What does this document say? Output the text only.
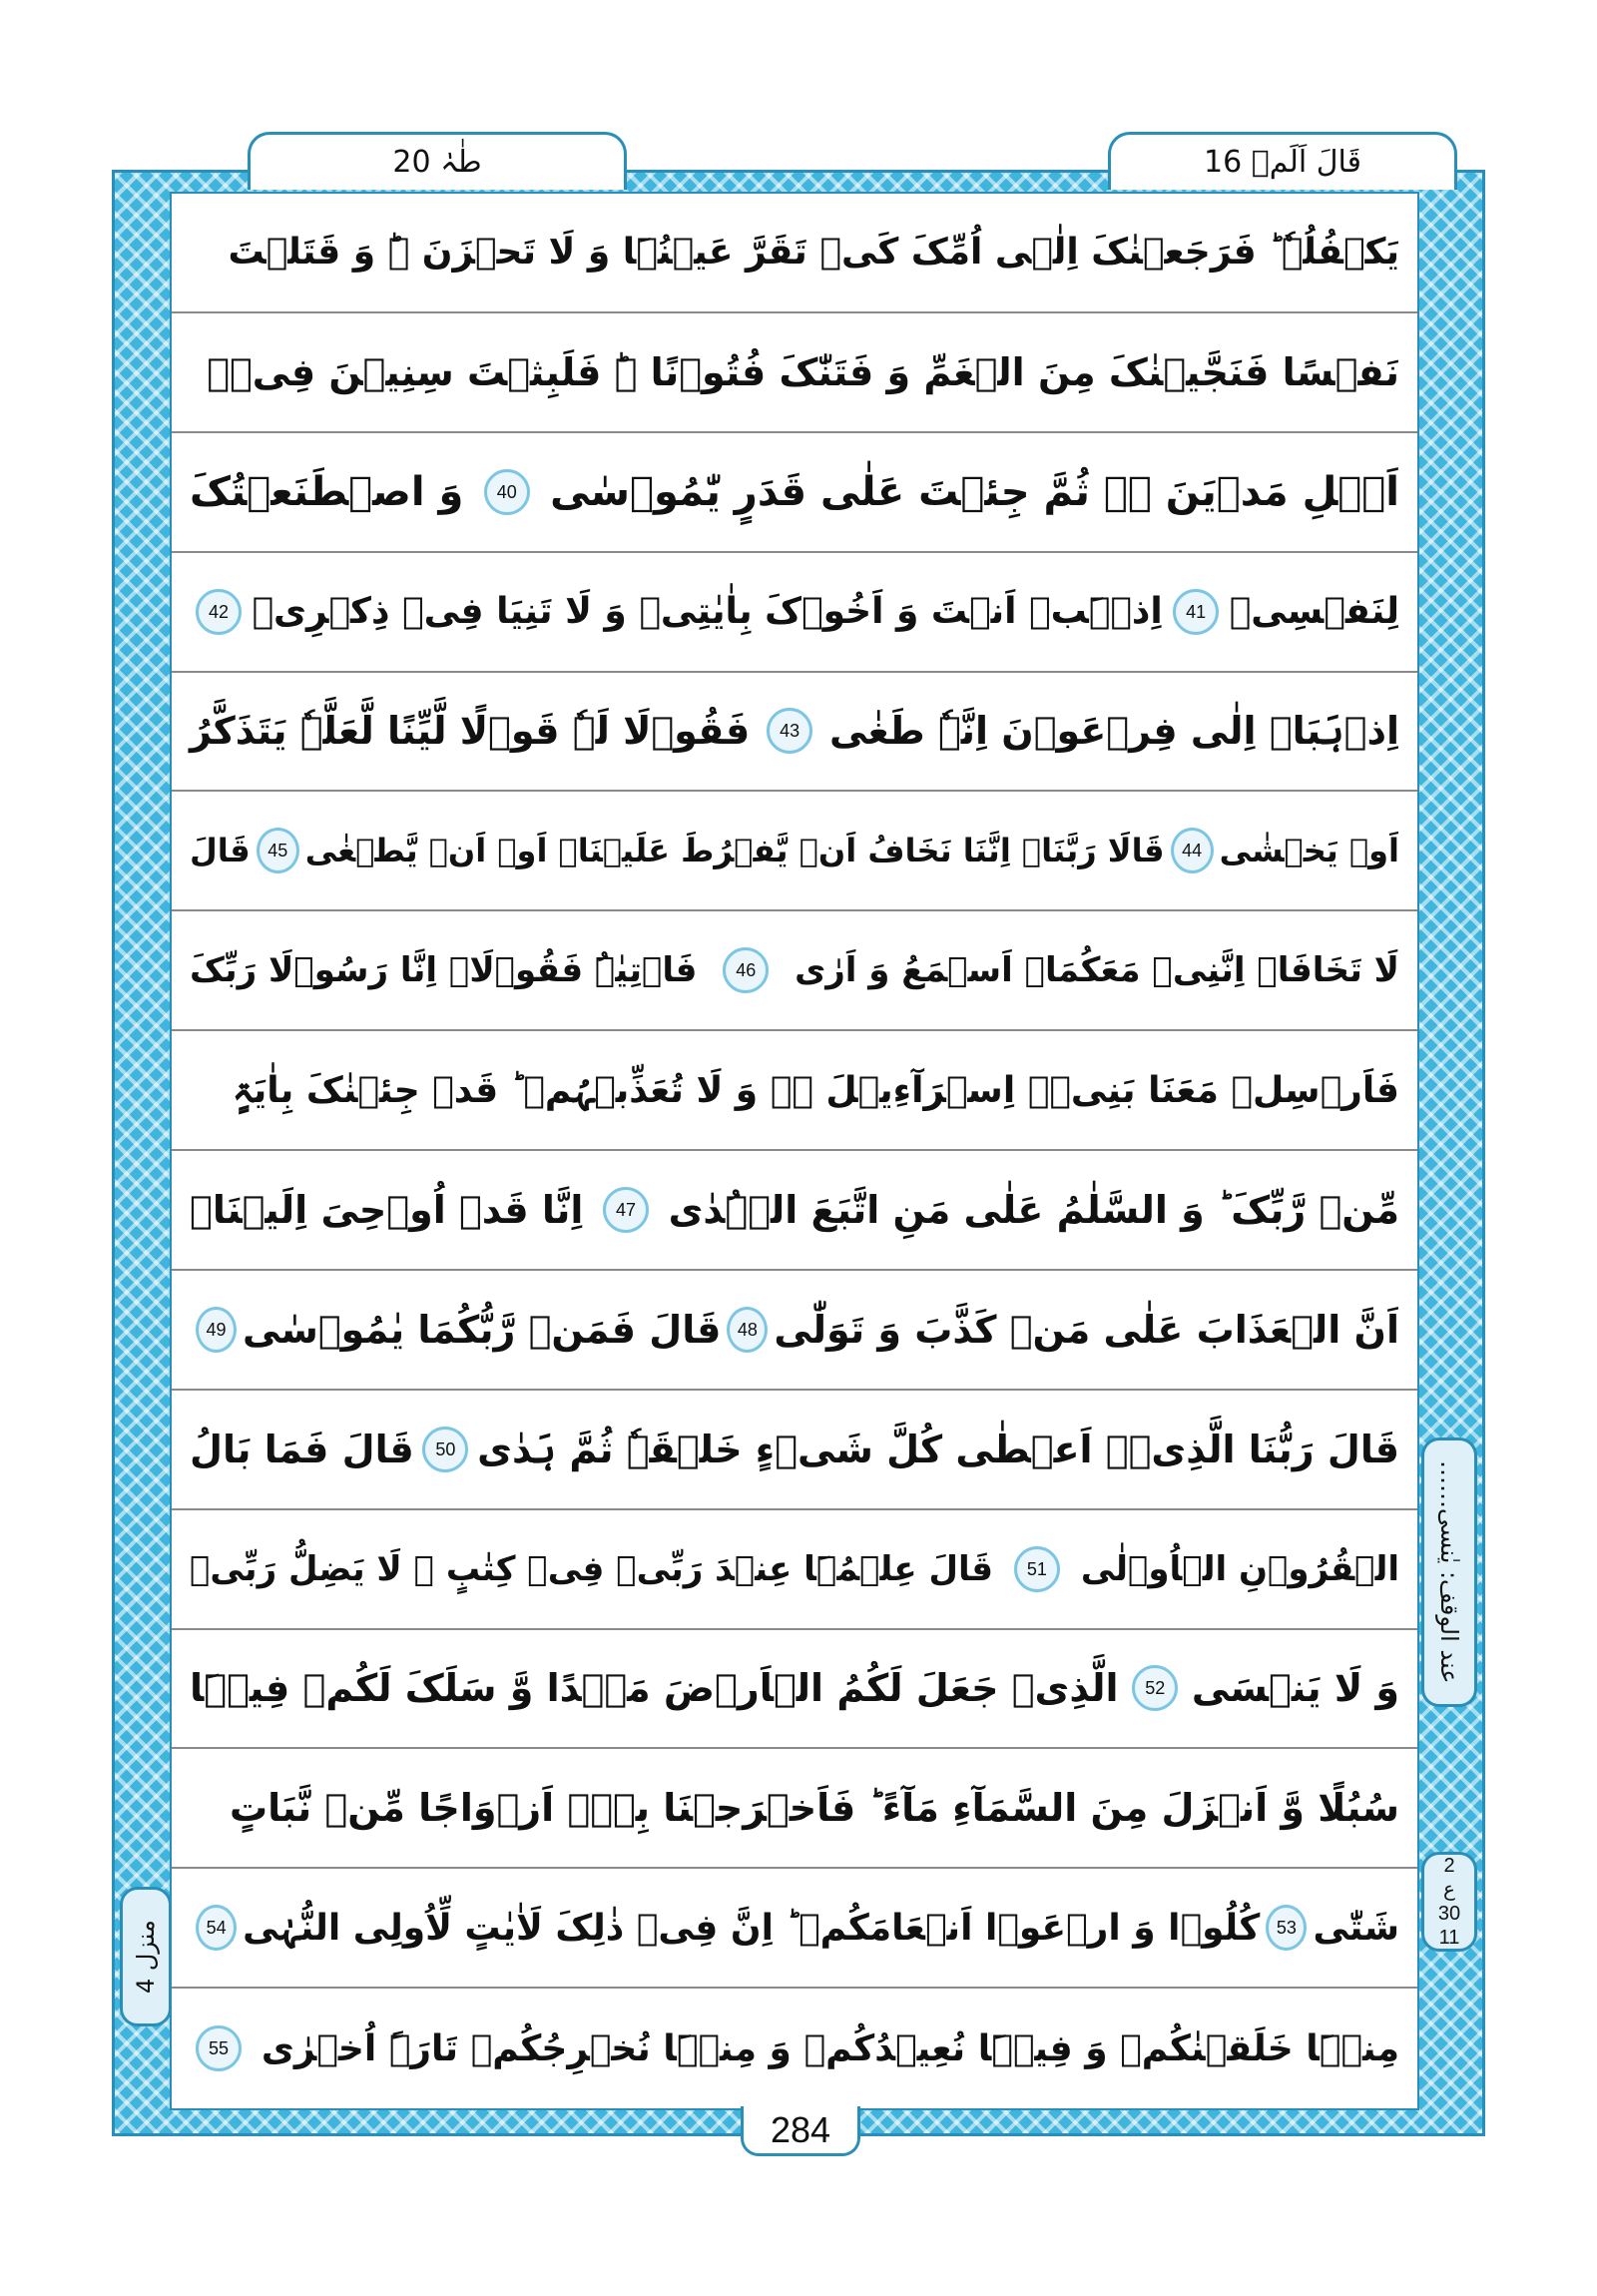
طٰہٰ 20	قَالَ اَلَمۡ 16
یَکۡفُلُہٗ ؕ فَرَجَعۡنٰکَ اِلٰۤی اُمِّکَ کَیۡ تَقَرَّ عَیۡنُہَا وَ لَا تَحۡزَنَ ۬ؕ وَ قَتَلۡتَ
نَفۡسًا فَنَجَّیۡنٰکَ مِنَ الۡغَمِّ وَ فَتَنّٰکَ فُتُوۡنًا ۬ؕ فَلَبِثۡتَ سِنِیۡنَ فِیۡۤ
اَہۡلِ مَدۡیَنَ ۬ۙ ثُمَّ جِئۡتَ عَلٰی قَدَرٍ یّٰمُوۡسٰی
40
وَ اصۡطَنَعۡتُکَ
لِنَفۡسِیۡ
41
اِذۡہَبۡ اَنۡتَ وَ اَخُوۡکَ بِاٰیٰتِیۡ وَ لَا تَنِیَا فِیۡ ذِکۡرِیۡ
42
اِذۡہَبَاۤ اِلٰی فِرۡعَوۡنَ اِنَّہٗ طَغٰی
43
فَقُوۡلَا لَہٗ قَوۡلًا لَّیِّنًا لَّعَلَّہٗ یَتَذَکَّرُ
اَوۡ یَخۡشٰی
44
قَالَا رَبَّنَاۤ اِنَّنَا نَخَافُ اَنۡ یَّفۡرُطَ عَلَیۡنَاۤ اَوۡ اَنۡ یَّطۡغٰی
45
قَالَ
لَا تَخَافَاۤ اِنَّنِیۡ مَعَکُمَاۤ اَسۡمَعُ وَ اَرٰی
46
فَاۡتِیٰہُ فَقُوۡلَاۤ اِنَّا رَسُوۡلَا رَبِّکَ
فَاَرۡسِلۡ مَعَنَا بَنِیۡۤ اِسۡرَآءِیۡلَ ۬ۙ وَ لَا تُعَذِّبۡہُمۡ ؕ قَدۡ جِئۡنٰکَ بِاٰیَۃٍ
مِّنۡ رَّبِّکَ ؕ وَ السَّلٰمُ عَلٰی مَنِ اتَّبَعَ الۡہُدٰی
47
اِنَّا قَدۡ اُوۡحِیَ اِلَیۡنَاۤ
اَنَّ الۡعَذَابَ عَلٰی مَنۡ کَذَّبَ وَ تَوَلّٰی
48
قَالَ فَمَنۡ رَّبُّکُمَا یٰمُوۡسٰی
49
قَالَ رَبُّنَا الَّذِیۡۤ اَعۡطٰی کُلَّ شَیۡءٍ خَلۡقَہٗ ثُمَّ ہَدٰی
50
قَالَ فَمَا بَالُ
الۡقُرُوۡنِ الۡاُوۡلٰی
51
قَالَ عِلۡمُہَا عِنۡدَ رَبِّیۡ فِیۡ کِتٰبٍ ۚ لَا یَضِلُّ رَبِّیۡ
وَ لَا یَنۡسَی
52
الَّذِیۡ جَعَلَ لَکُمُ الۡاَرۡضَ مَہۡدًا وَّ سَلَکَ لَکُمۡ فِیۡہَا
سُبُلًا وَّ اَنۡزَلَ مِنَ السَّمَآءِ مَآءً ؕ فَاَخۡرَجۡنَا بِہٖۤ اَزۡوَاجًا مِّنۡ نَّبَاتٍ
شَتّٰی
53
کُلُوۡا وَ ارۡعَوۡا اَنۡعَامَکُمۡ ؕ اِنَّ فِیۡ ذٰلِکَ لَاٰیٰتٍ لِّاُولِی النُّہٰی
54
مِنۡہَا خَلَقۡنٰکُمۡ وَ فِیۡہَا نُعِیۡدُکُمۡ وَ مِنۡہَا نُخۡرِجُکُمۡ تَارَۃً اُخۡرٰی
55
……عند الوقف: یٰنسی
2
ع
30
11
منزل 4
284
